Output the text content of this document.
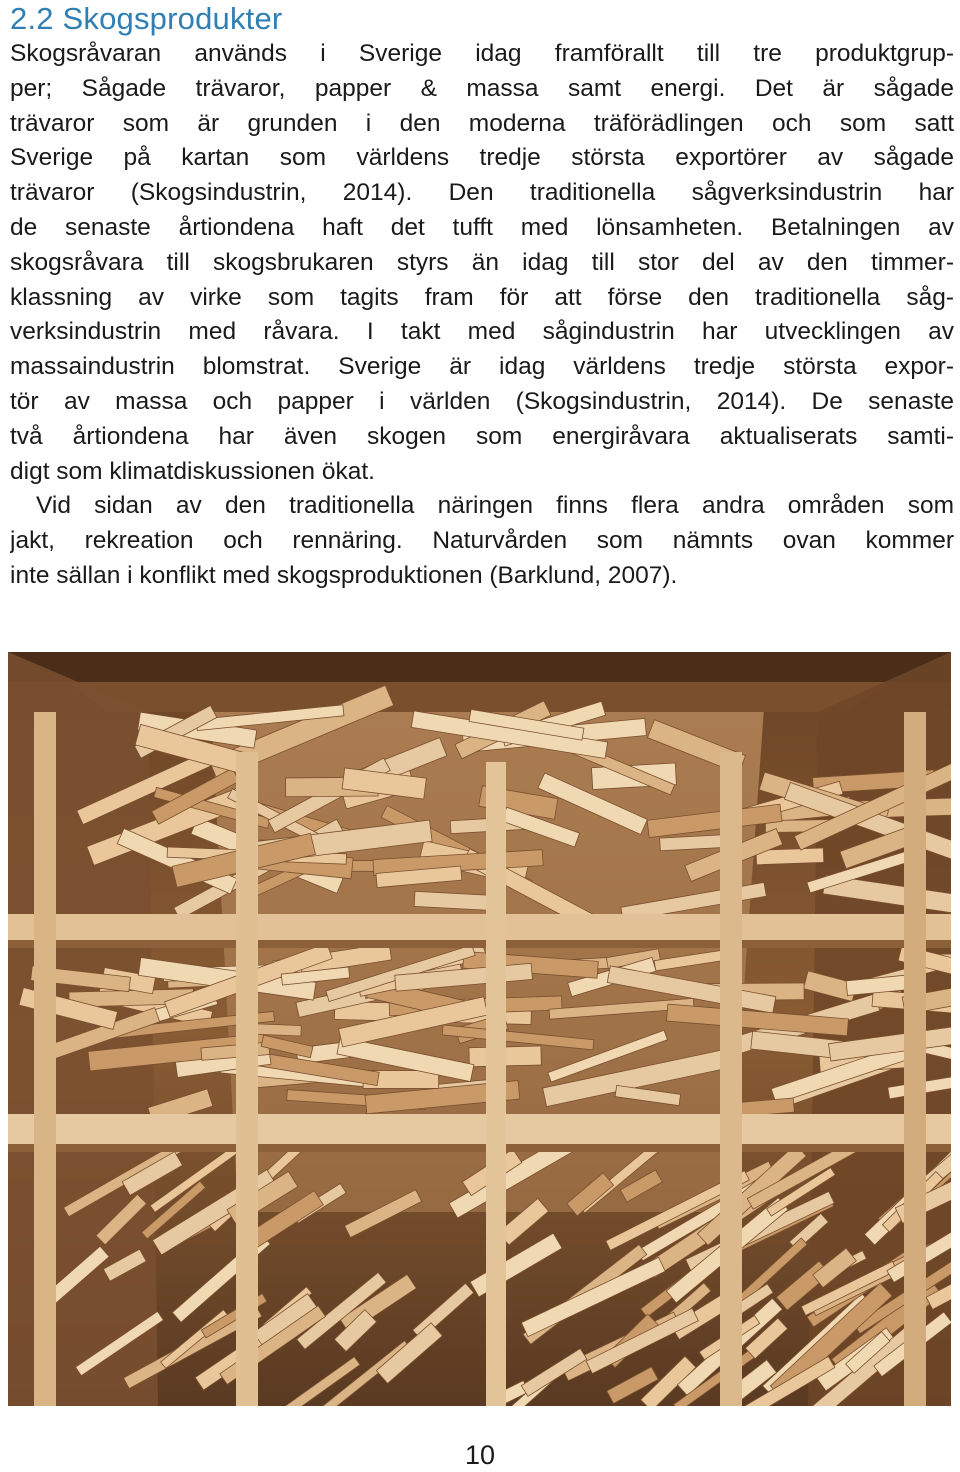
2.2 Skogsprodukter
Skogsråvaran används i Sverige idag framförallt till tre produktgrup-
per; Sågade trävaror, papper & massa samt energi. Det är sågade
trävaror som är grunden i den moderna träförädlingen och som satt
Sverige på kartan som världens tredje största exportörer av sågade
trävaror (Skogsindustrin, 2014). Den traditionella sågverksindustrin har
de senaste årtiondena haft det tufft med lönsamheten. Betalningen av
skogsråvara till skogsbrukaren styrs än idag till stor del av den timmer-
klassning av virke som tagits fram för att förse den traditionella såg-
verksindustrin med råvara. I takt med sågindustrin har utvecklingen av
massaindustrin blomstrat. Sverige är idag världens tredje största expor-
tör av massa och papper i världen (Skogsindustrin, 2014). De senaste
två årtiondena har även skogen som energiråvara aktualiserats samti-
digt som klimatdiskussionen ökat.
Vid sidan av den traditionella näringen finns flera andra områden som
jakt, rekreation och rennäring. Naturvården som nämnts ovan kommer
inte sällan i konflikt med skogsproduktionen (Barklund, 2007).
10
